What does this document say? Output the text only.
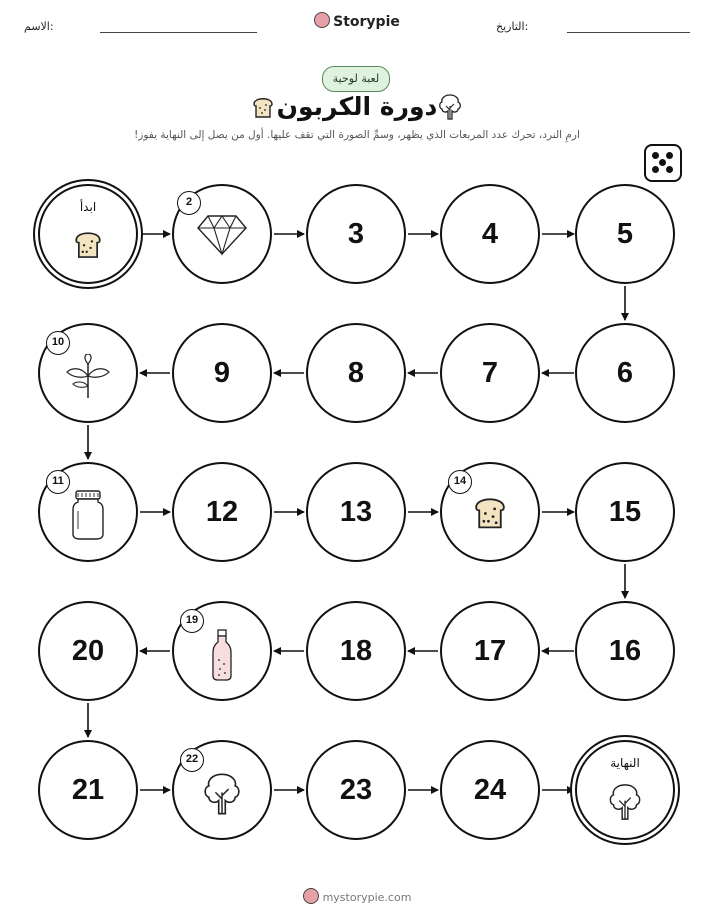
الاسم:	Storypie	التاريخ:
لعبة لوحية
دورة الكربون
ارمِ النرد، تحرك عدد المربعات الذي يظهر، وسمِّ الصورة التي تقف عليها. أول من يصل إلى النهاية يفوز!
ابدأ	2
3	4	5
6
7
8
9
10
11
12	13
14
15
16
17
18
19
20
21
22
23	24
النهاية
mystorypie.com
